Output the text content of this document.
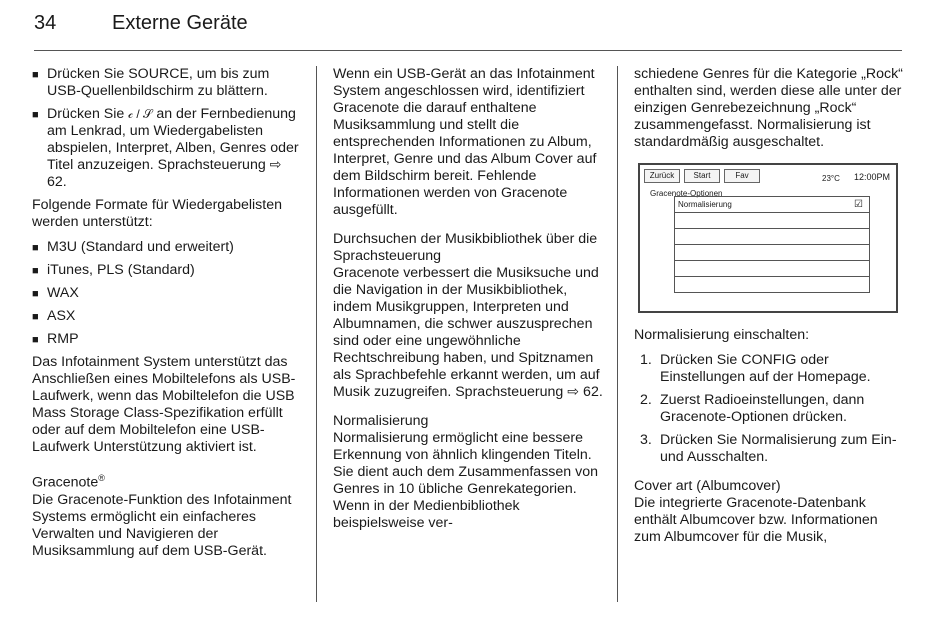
34	Externe Geräte
■ Drücken Sie SOURCE, um bis zum USB-Quellenbildschirm zu blättern.
■ Drücken Sie 𝒸 / 𝒮 an der Fernbedienung am Lenkrad, um Wiedergabelisten abspielen, Interpret, Alben, Genres oder Titel anzuzeigen. Sprachsteuerung ⇨ 62.

Folgende Formate für Wiedergabelisten werden unterstützt:

■ M3U (Standard und erweitert)
■ iTunes, PLS (Standard)
■ WAX
■ ASX
■ RMP

Das Infotainment System unterstützt das Anschließen eines Mobiltelefons als USB-Laufwerk, wenn das Mobiltelefon die USB Mass Storage Class-Spezifikation erfüllt oder auf dem Mobiltelefon eine USB-Laufwerk Unterstützung aktiviert ist.

Gracenote®

Die Gracenote-Funktion des Infotainment Systems ermöglicht ein einfacheres Verwalten und Navigieren der Musiksammlung auf dem USB-Gerät.

Wenn ein USB-Gerät an das Infotainment System angeschlossen wird, identifiziert Gracenote die darauf enthaltene Musiksammlung und stellt die entsprechenden Informationen zu Album, Interpret, Genre und das Album Cover auf dem Bildschirm bereit. Fehlende Informationen werden von Gracenote ausgefüllt.

Durchsuchen der Musikbibliothek über die Sprachsteuerung

Gracenote verbessert die Musiksuche und die Navigation in der Musikbibliothek, indem Musikgruppen, Interpreten und Albumnamen, die schwer auszusprechen sind oder eine ungewöhnliche Rechtschreibung haben, und Spitznamen als Sprachbefehle erkannt werden, um auf Musik zuzugreifen. Sprachsteuerung ⇨ 62.

Normalisierung

Normalisierung ermöglicht eine bessere Erkennung von ähnlich klingenden Titeln. Sie dient auch dem Zusammenfassen von Genres in 10 übliche Genrekategorien. Wenn in der Medienbibliothek beispielsweise ver-

schiedene Genres für die Kategorie „Rock“ enthalten sind, werden diese alle unter der einzigen Genrebezeichnung „Rock“ zusammengefasst. Normalisierung ist standardmäßig ausgeschaltet.

Zurück	Start	Fav	23°C 12:00PM
Gracenote-Optionen
Normalisierung	☑

Normalisierung einschalten:

1. Drücken Sie CONFIG oder Einstellungen auf der Homepage.
2. Zuerst Radioeinstellungen, dann Gracenote-Optionen drücken.
3. Drücken Sie Normalisierung zum Ein- und Ausschalten.
Cover art (Albumcover)

Die integrierte Gracenote-Datenbank enthält Albumcover bzw. Informationen zum Albumcover für die Musik,
